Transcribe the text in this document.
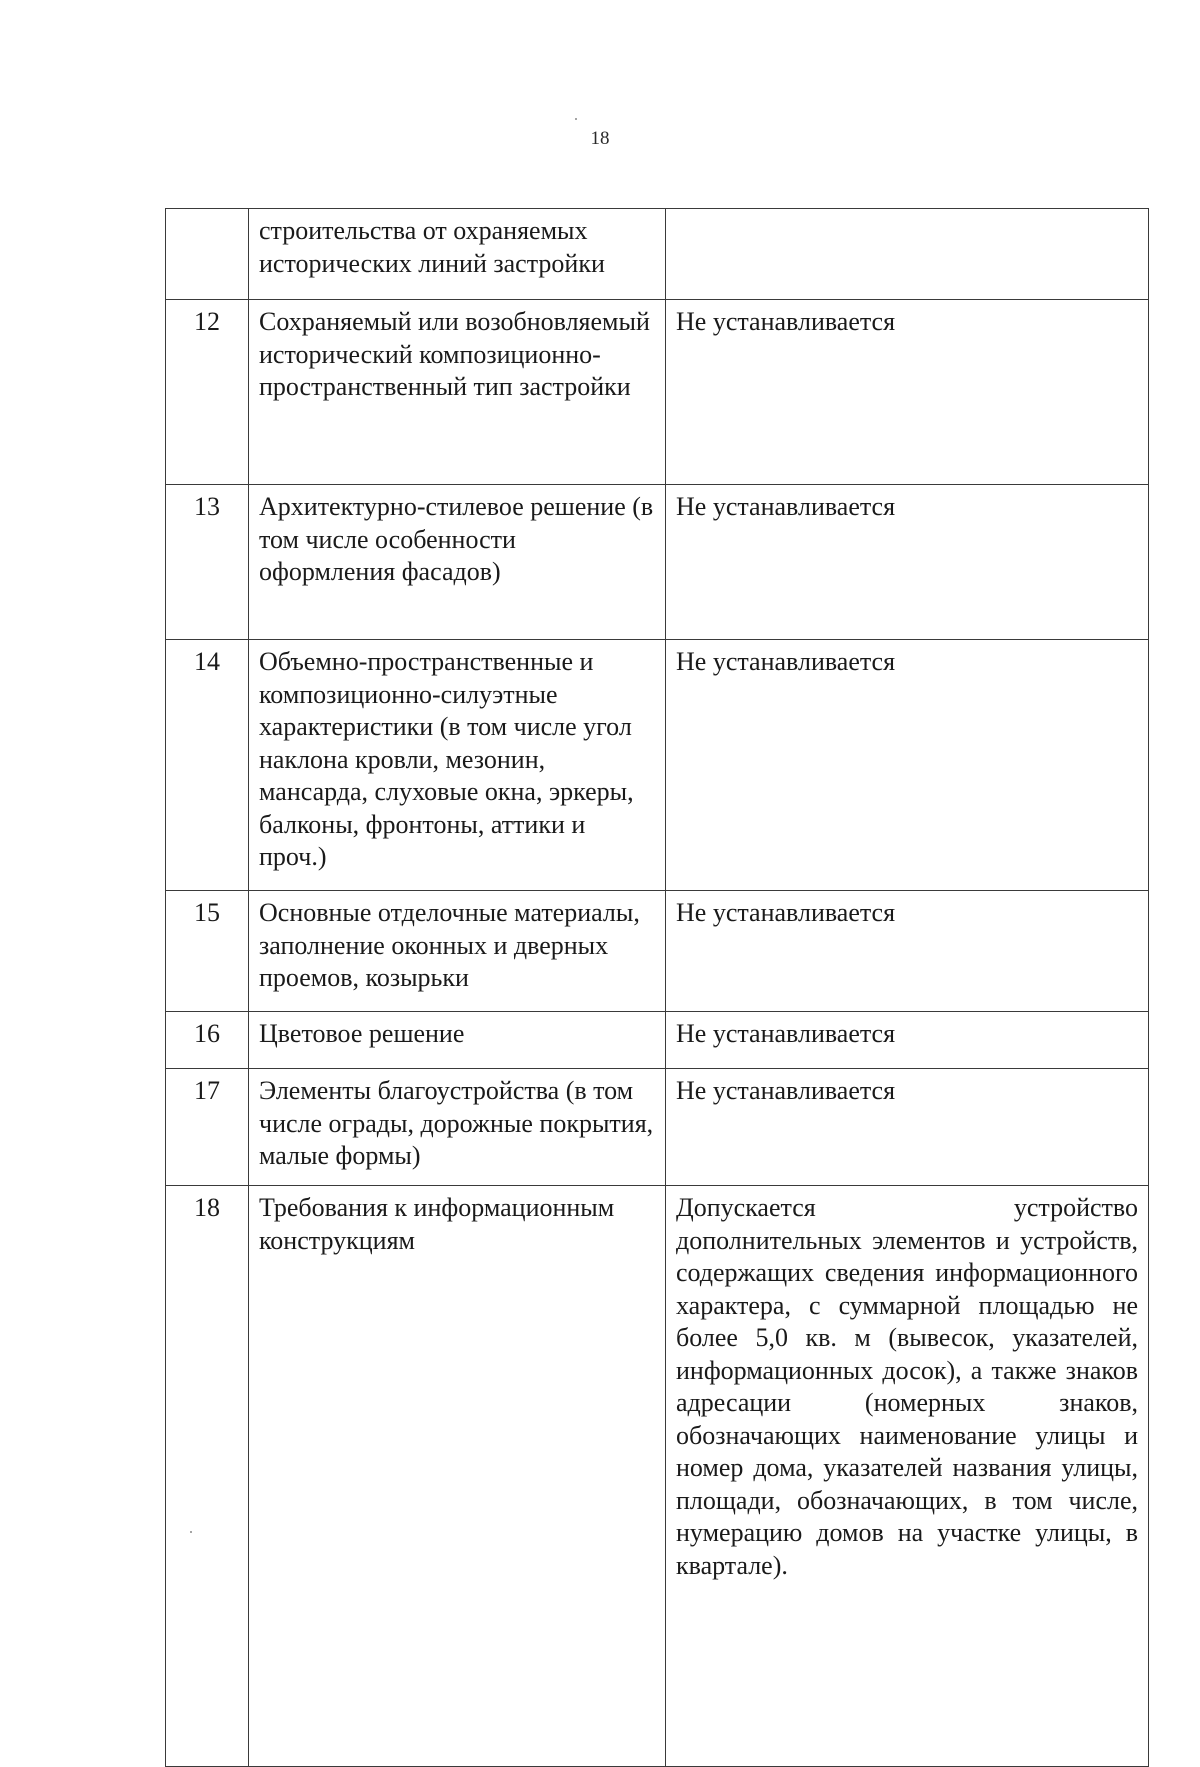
18
	строительства от охраняемых исторических линий застройки	
12	Сохраняемый или возобновляемый исторический композиционно-пространственный тип застройки	Не устанавливается
13	Архитектурно-стилевое решение (в том числе особенности оформления фасадов)	Не устанавливается
14	Объемно-пространственные и композиционно-силуэтные характеристики (в том числе угол наклона кровли, мезонин, мансарда, слуховые окна, эркеры, балконы, фронтоны, аттики и проч.)	Не устанавливается
15	Основные отделочные материалы, заполнение оконных и дверных проемов, козырьки	Не устанавливается
16	Цветовое решение	Не устанавливается
17	Элементы благоустройства (в том числе ограды, дорожные покрытия, малые формы)	Не устанавливается
18	Требования к информационным конструкциям	Допускается устройство дополнительных элементов и устройств, содержащих сведения информационного характера, с суммарной площадью не более 5,0 кв. м (вывесок, указателей, информационных досок), а также знаков адресации (номерных знаков, обозначающих наименование улицы и номер дома, указателей названия улицы, площади, обозначающих, в том числе, нумерацию домов на участке улицы, в квартале).
